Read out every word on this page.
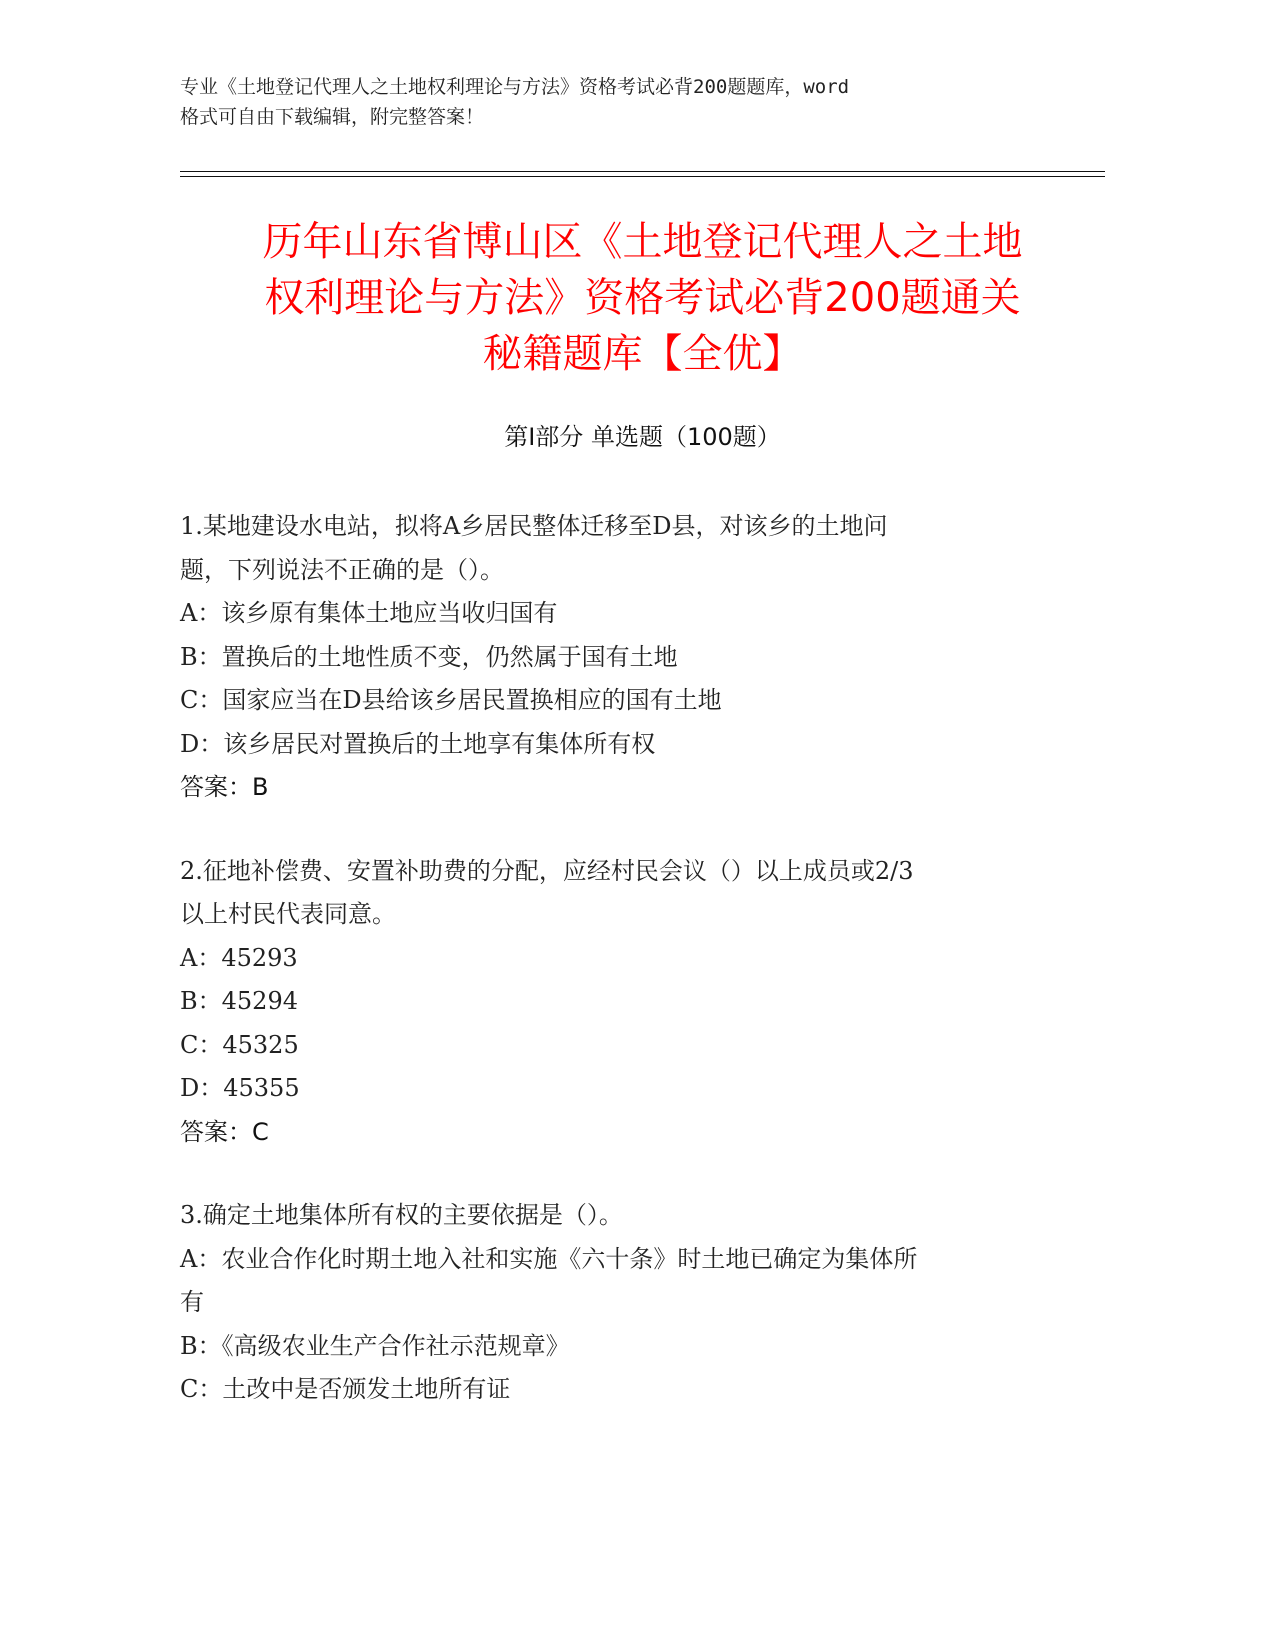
专业《土地登记代理人之土地权利理论与方法》资格考试必背200题题库，word
格式可自由下载编辑，附完整答案！
历年山东省博山区《土地登记代理人之土地
权利理论与方法》资格考试必背200题通关
秘籍题库【全优】
第Ⅰ部分 单选题（100题）
1.某地建设水电站，拟将A乡居民整体迁移至D县，对该乡的土地问
题，下列说法不正确的是（）。
A：该乡原有集体土地应当收归国有
B：置换后的土地性质不变，仍然属于国有土地
C：国家应当在D县给该乡居民置换相应的国有土地
D：该乡居民对置换后的土地享有集体所有权
答案：B
2.征地补偿费、安置补助费的分配，应经村民会议（）以上成员或2/3
以上村民代表同意。
A：45293
B：45294
C：45325
D：45355
答案：C
3.确定土地集体所有权的主要依据是（）。
A：农业合作化时期土地入社和实施《六十条》时土地已确定为集体所
有
B：《高级农业生产合作社示范规章》
C：土改中是否颁发土地所有证
